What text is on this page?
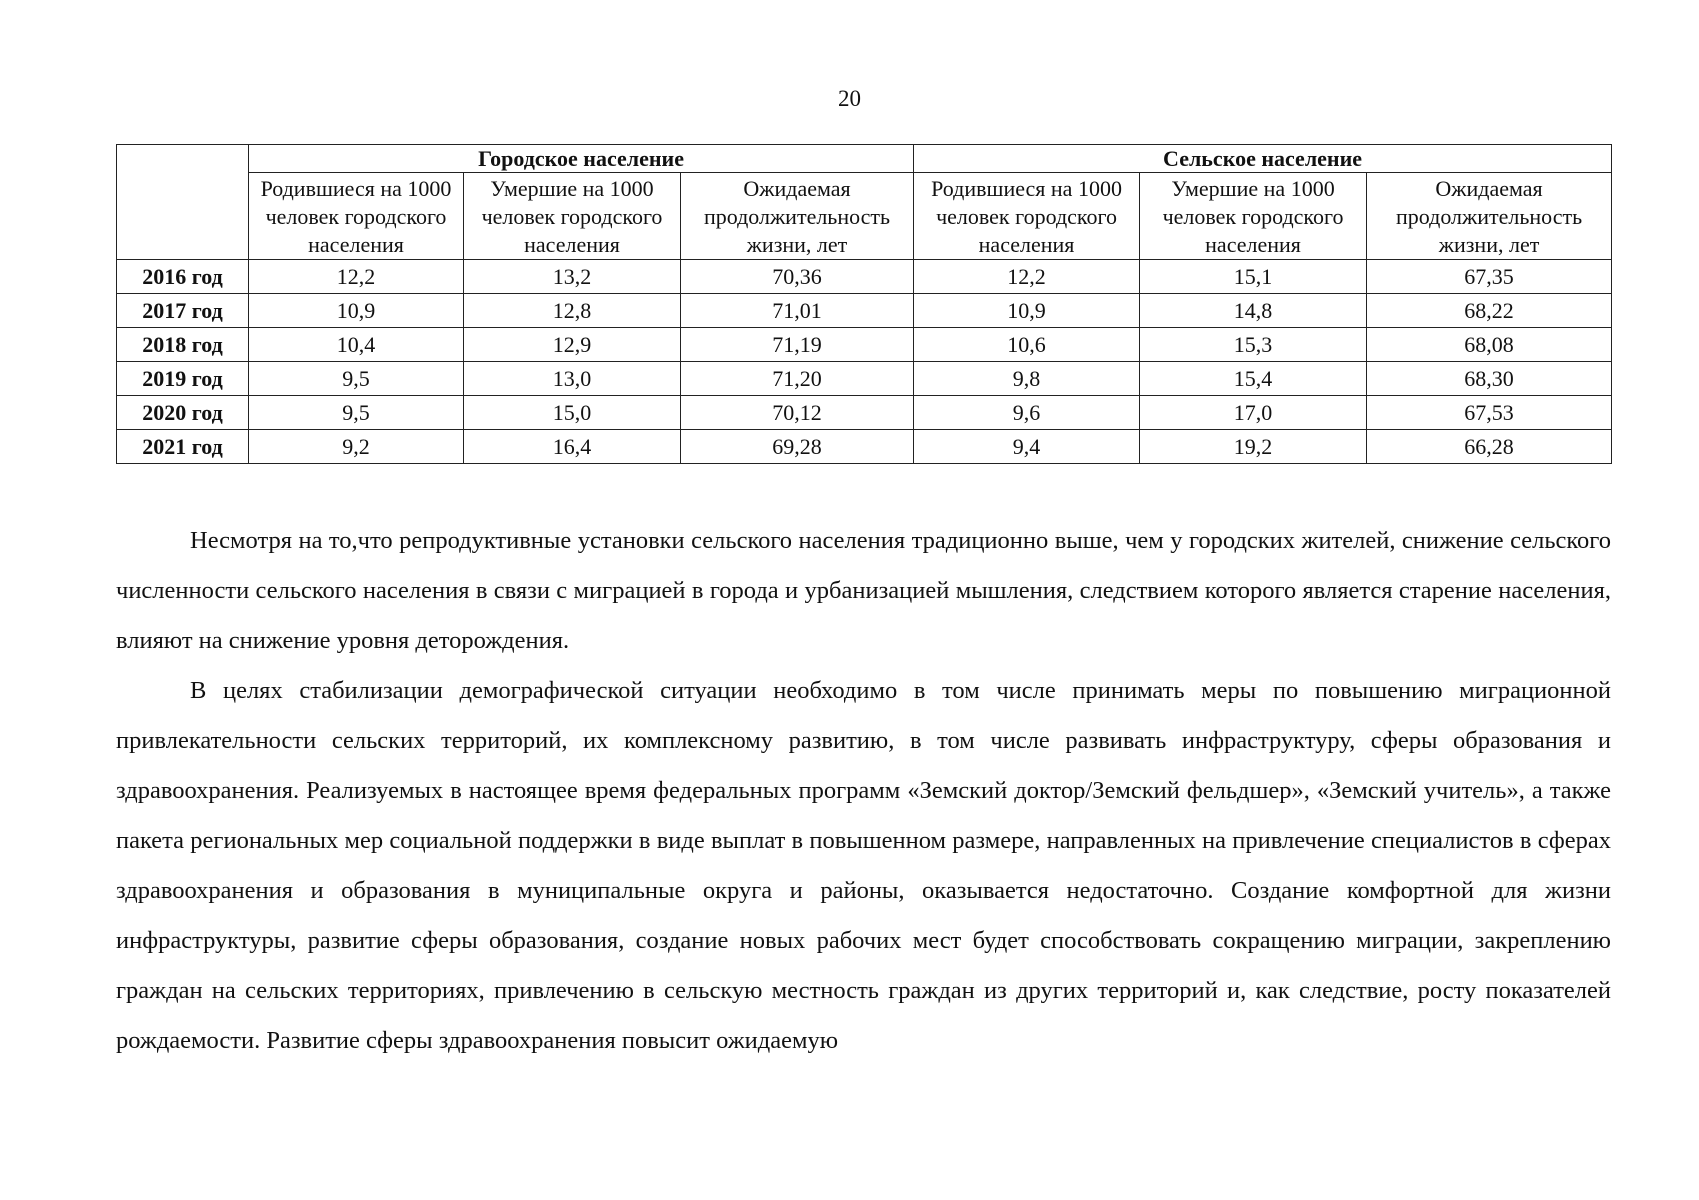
20
	Городское население			Сельское население		
	Родившиеся на 1000 человек городского населения	Умершие на 1000 человек городского населения	Ожидаемая продолжительность жизни, лет	Родившиеся на 1000 человек городского населения	Умершие на 1000 человек городского населения	Ожидаемая продолжительность жизни, лет
2016 год	12,2	13,2	70,36	12,2	15,1	67,35
2017 год	10,9	12,8	71,01	10,9	14,8	68,22
2018 год	10,4	12,9	71,19	10,6	15,3	68,08
2019 год	9,5	13,0	71,20	9,8	15,4	68,30
2020 год	9,5	15,0	70,12	9,6	17,0	67,53
2021 год	9,2	16,4	69,28	9,4	19,2	66,28

Несмотря на то,что репродуктивные установки сельского населения традиционно выше, чем у городских жителей, снижение сельского численности сельского населения в связи с миграцией в города и урбанизацией мышления, следствием которого является старение населения, влияют на снижение уровня деторождения.

В целях стабилизации демографической ситуации необходимо в том числе принимать меры по повышению миграционной привлекательности сельских территорий, их комплексному развитию, в том числе развивать инфраструктуру, сферы образования и здравоохранения. Реализуемых в настоящее время федеральных программ «Земский доктор/Земский фельдшер», «Земский учитель», а также пакета региональных мер социальной поддержки в виде выплат в повышенном размере, направленных на привлечение специалистов в сферах здравоохранения и образования в муниципальные округа и районы, оказывается недостаточно. Создание комфортной для жизни инфраструктуры, развитие сферы образования, создание новых рабочих мест будет способствовать сокращению миграции, закреплению граждан на сельских территориях, привлечению в сельскую местность граждан из других территорий и, как следствие, росту показателей рождаемости. Развитие сферы здравоохранения повысит ожидаемую
